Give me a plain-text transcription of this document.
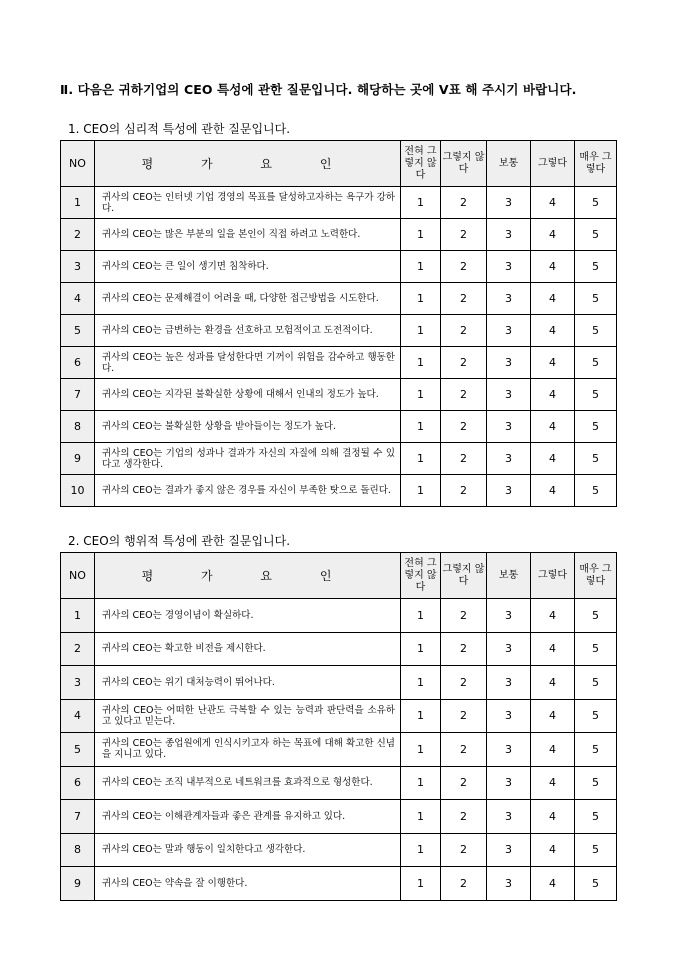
Ⅱ. 다음은 귀하기업의 CEO 특성에 관한 질문입니다. 해당하는 곳에 V표 해 주시기 바랍니다.
1. CEO의 심리적 특성에 관한 질문입니다.
NO	평 가 요 인	전혀 그렇지 않다	그렇지 않다	보통	그렇다	매우 그렇다
1	귀사의 CEO는 인터넷 기업 경영의 목표를 달성하고자하는 욕구가 강하다.	1	2	3	4	5
2	귀사의 CEO는 많은 부분의 일을 본인이 직접 하려고 노력한다.	1	2	3	4	5
3	귀사의 CEO는 큰 일이 생기면 침착하다.	1	2	3	4	5
4	귀사의 CEO는 문제해결이 어려울 때, 다양한 접근방법을 시도한다.	1	2	3	4	5
5	귀사의 CEO는 급변하는 환경을 선호하고 모험적이고 도전적이다.	1	2	3	4	5
6	귀사의 CEO는 높은 성과를 달성한다면 기꺼이 위험을 감수하고 행동한다.	1	2	3	4	5
7	귀사의 CEO는 지각된 불확실한 상황에 대해서 인내의 정도가 높다.	1	2	3	4	5
8	귀사의 CEO는 불확실한 상황을 받아들이는 정도가 높다.	1	2	3	4	5
9	귀사의 CEO는 기업의 성과나 결과가 자신의 자질에 의해 결정될 수 있다고 생각한다.	1	2	3	4	5
10	귀사의 CEO는 결과가 좋지 않은 경우를 자신이 부족한 탓으로 돌린다.	1	2	3	4	5
2. CEO의 행위적 특성에 관한 질문입니다.
NO	평 가 요 인	전혀 그렇지 않다	그렇지 않다	보통	그렇다	매우 그렇다
1	귀사의 CEO는 경영이념이 확실하다.	1	2	3	4	5
2	귀사의 CEO는 확고한 비전을 제시한다.	1	2	3	4	5
3	귀사의 CEO는 위기 대처능력이 뛰어나다.	1	2	3	4	5
4	귀사의 CEO는 어떠한 난관도 극복할 수 있는 능력과 판단력을 소유하고 있다고 믿는다.	1	2	3	4	5
5	귀사의 CEO는 종업원에게 인식시키고자 하는 목표에 대해 확고한 신념을 지니고 있다.	1	2	3	4	5
6	귀사의 CEO는 조직 내부적으로 네트워크를 효과적으로 형성한다.	1	2	3	4	5
7	귀사의 CEO는 이해관계자들과 좋은 관계를 유지하고 있다.	1	2	3	4	5
8	귀사의 CEO는 말과 행동이 일치한다고 생각한다.	1	2	3	4	5
9	귀사의 CEO는 약속을 잘 이행한다.	1	2	3	4	5
